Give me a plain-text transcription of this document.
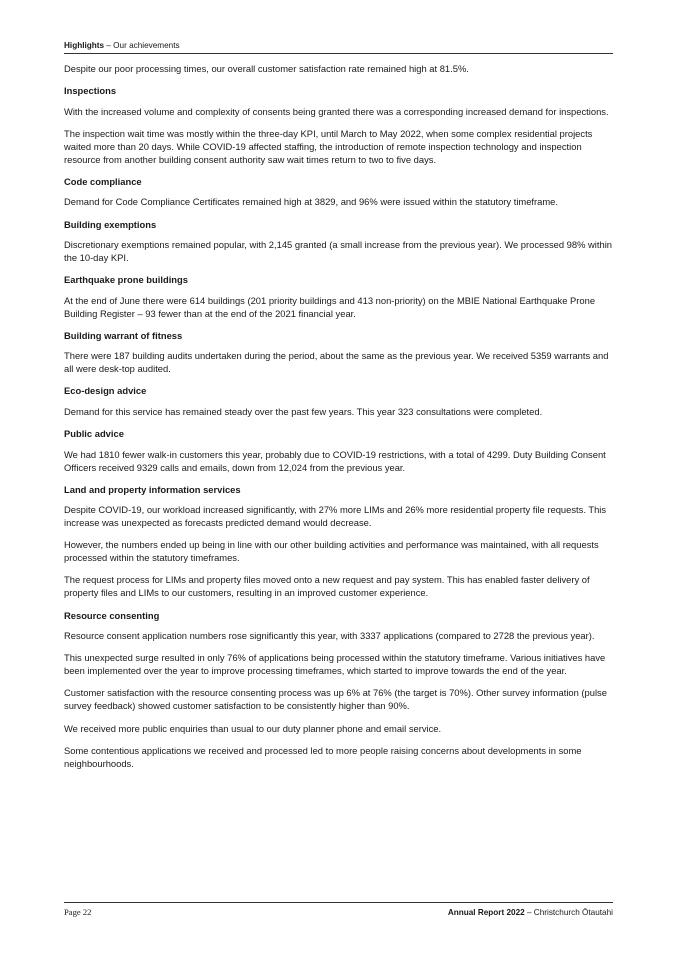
Highlights – Our achievements

Despite our poor processing times, our overall customer satisfaction rate remained high at 81.5%.

Inspections

With the increased volume and complexity of consents being granted there was a corresponding increased demand for inspections.

The inspection wait time was mostly within the three-day KPI, until March to May 2022, when some complex residential projects waited more than 20 days. While COVID-19 affected staffing, the introduction of remote inspection technology and inspection resource from another building consent authority saw wait times return to two to five days.

Code compliance

Demand for Code Compliance Certificates remained high at 3829, and 96% were issued within the statutory timeframe.

Building exemptions

Discretionary exemptions remained popular, with 2,145 granted (a small increase from the previous year). We processed 98% within the 10-day KPI.

Earthquake prone buildings

At the end of June there were 614 buildings (201 priority buildings and 413 non-priority) on the MBIE National Earthquake Prone Building Register – 93 fewer than at the end of the 2021 financial year.

Building warrant of fitness

There were 187 building audits undertaken during the period, about the same as the previous year. We received 5359 warrants and all were desk-top audited.

Eco-design advice

Demand for this service has remained steady over the past few years. This year 323 consultations were completed.

Public advice

We had 1810 fewer walk-in customers this year, probably due to COVID-19 restrictions, with a total of 4299. Duty Building Consent Officers received 9329 calls and emails, down from 12,024 from the previous year.

Land and property information services

Despite COVID-19, our workload increased significantly, with 27% more LIMs and 26% more residential property file requests. This increase was unexpected as forecasts predicted demand would decrease.

However, the numbers ended up being in line with our other building activities and performance was maintained, with all requests processed within the statutory timeframes.

The request process for LIMs and property files moved onto a new request and pay system. This has enabled faster delivery of property files and LIMs to our customers, resulting in an improved customer experience.

Resource consenting

Resource consent application numbers rose significantly this year, with 3337 applications (compared to 2728 the previous year).

This unexpected surge resulted in only 76% of applications being processed within the statutory timeframe. Various initiatives have been implemented over the year to improve processing timeframes, which started to improve towards the end of the year.

Customer satisfaction with the resource consenting process was up 6% at 76% (the target is 70%). Other survey information (pulse survey feedback) showed customer satisfaction to be consistently higher than 90%.

We received more public enquiries than usual to our duty planner phone and email service.

Some contentious applications we received and processed led to more people raising concerns about developments in some neighbourhoods.

Page 22	Annual Report 2022 – Christchurch Ōtautahi
